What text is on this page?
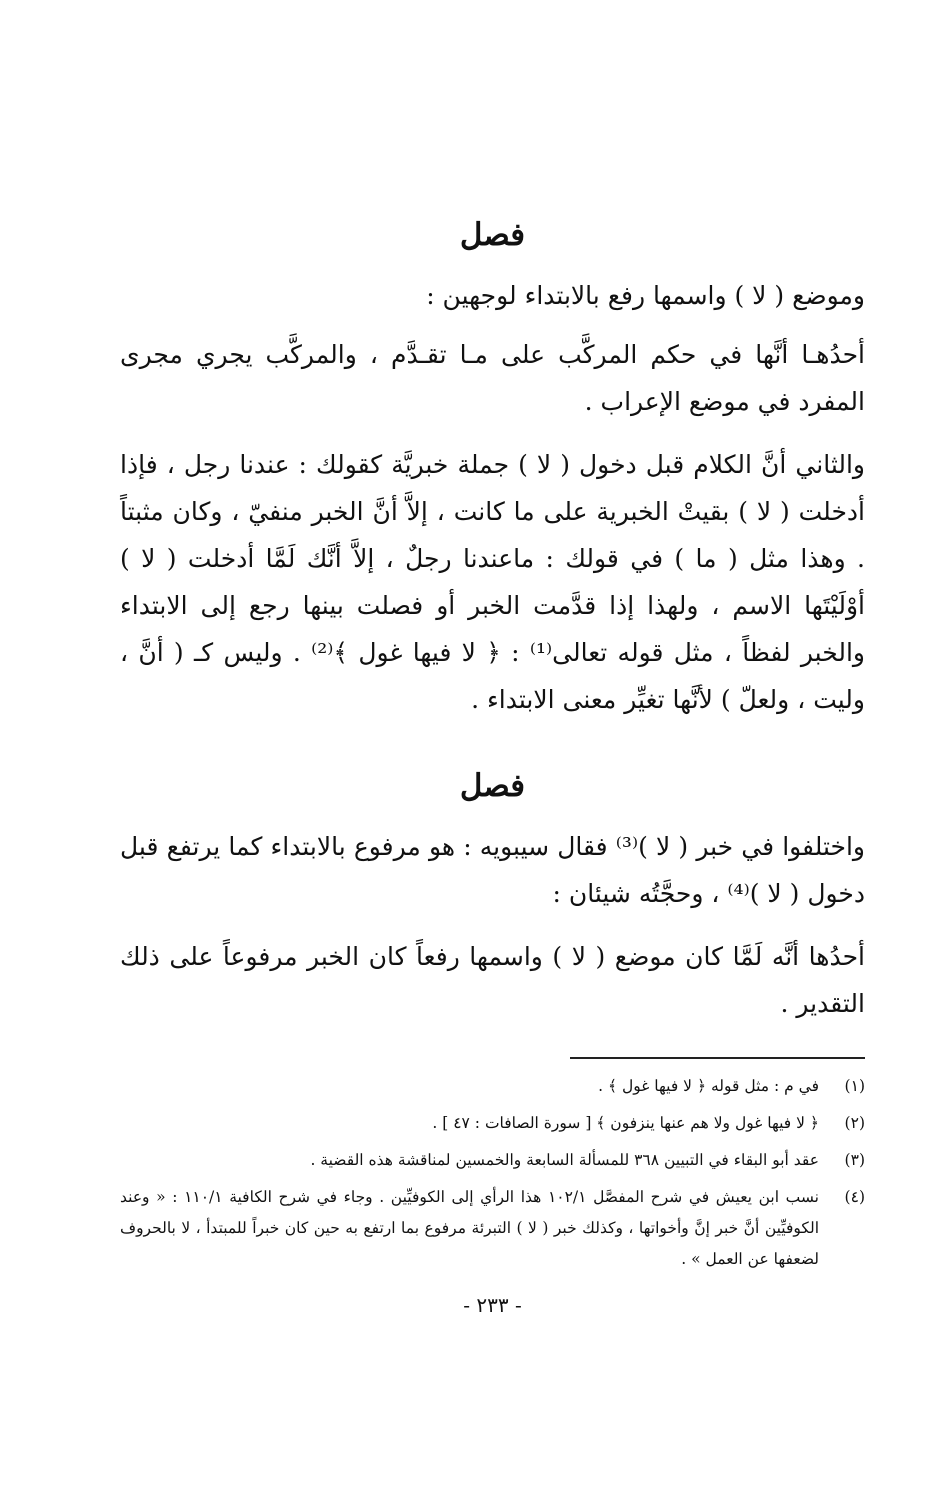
فصل

وموضع ( لا ) واسمها رفع بالابتداء لوجهين :

أحدُهـا أنَّها في حكم المركَّب على مـا تقـدَّم ، والمركَّب يجري مجرى المفرد في موضع الإعراب .

والثاني أنَّ الكلام قبل دخول ( لا ) جملة خبريَّة كقولك : عندنا رجل ، فإذا أدخلت ( لا ) بقيتْ الخبرية على ما كانت ، إلاَّ أنَّ الخبر منفيّ ، وكان مثبتاً . وهذا مثل ( ما ) في قولك : ماعندنا رجلٌ ، إلاَّ أنَّك لَمَّا أدخلت ( لا ) أوْلَيْتَها الاسم ، ولهذا إذا قدَّمت الخبر أو فصلت بينها رجع إلى الابتداء والخبر لفظاً ، مثل قوله تعالى⁽¹⁾ : ﴿ لا فيها غول ﴾⁽²⁾ . وليس كـ ( أنَّ ، وليت ، ولعلّ ) لأنَّها تغيِّر معنى الابتداء .

فصل

واختلفوا في خبر ( لا )⁽³⁾ فقال سيبويه : هو مرفوع بالابتداء كما يرتفع قبل دخول ( لا )⁽⁴⁾ ، وحجَّتُه شيئان :

أحدُها أنَّه لَمَّا كان موضع ( لا ) واسمها رفعاً كان الخبر مرفوعاً على ذلك التقدير .

(١)
في م : مثل قوله ﴿ لا فيها غول ﴾ .
(٢)
﴿ لا فيها غول ولا هم عنها ينزفون ﴾ [ سورة الصافات : ٤٧ ] .
(٣)
عقد أبو البقاء في التبيين ٣٦٨ للمسألة السابعة والخمسين لمناقشة هذه القضية .
(٤)
نسب ابن يعيش في شرح المفصَّل ١٠٢/١ هذا الرأي إلى الكوفيِّين . وجاء في شرح الكافية ١١٠/١ : « وعند الكوفيِّين أنَّ خبر إنَّ وأخواتها ، وكذلك خبر ( لا ) التبرئة مرفوع بما ارتفع به حين كان خبراً للمبتدأ ، لا بالحروف لضعفها عن العمل » .
- ٢٣٣ -
